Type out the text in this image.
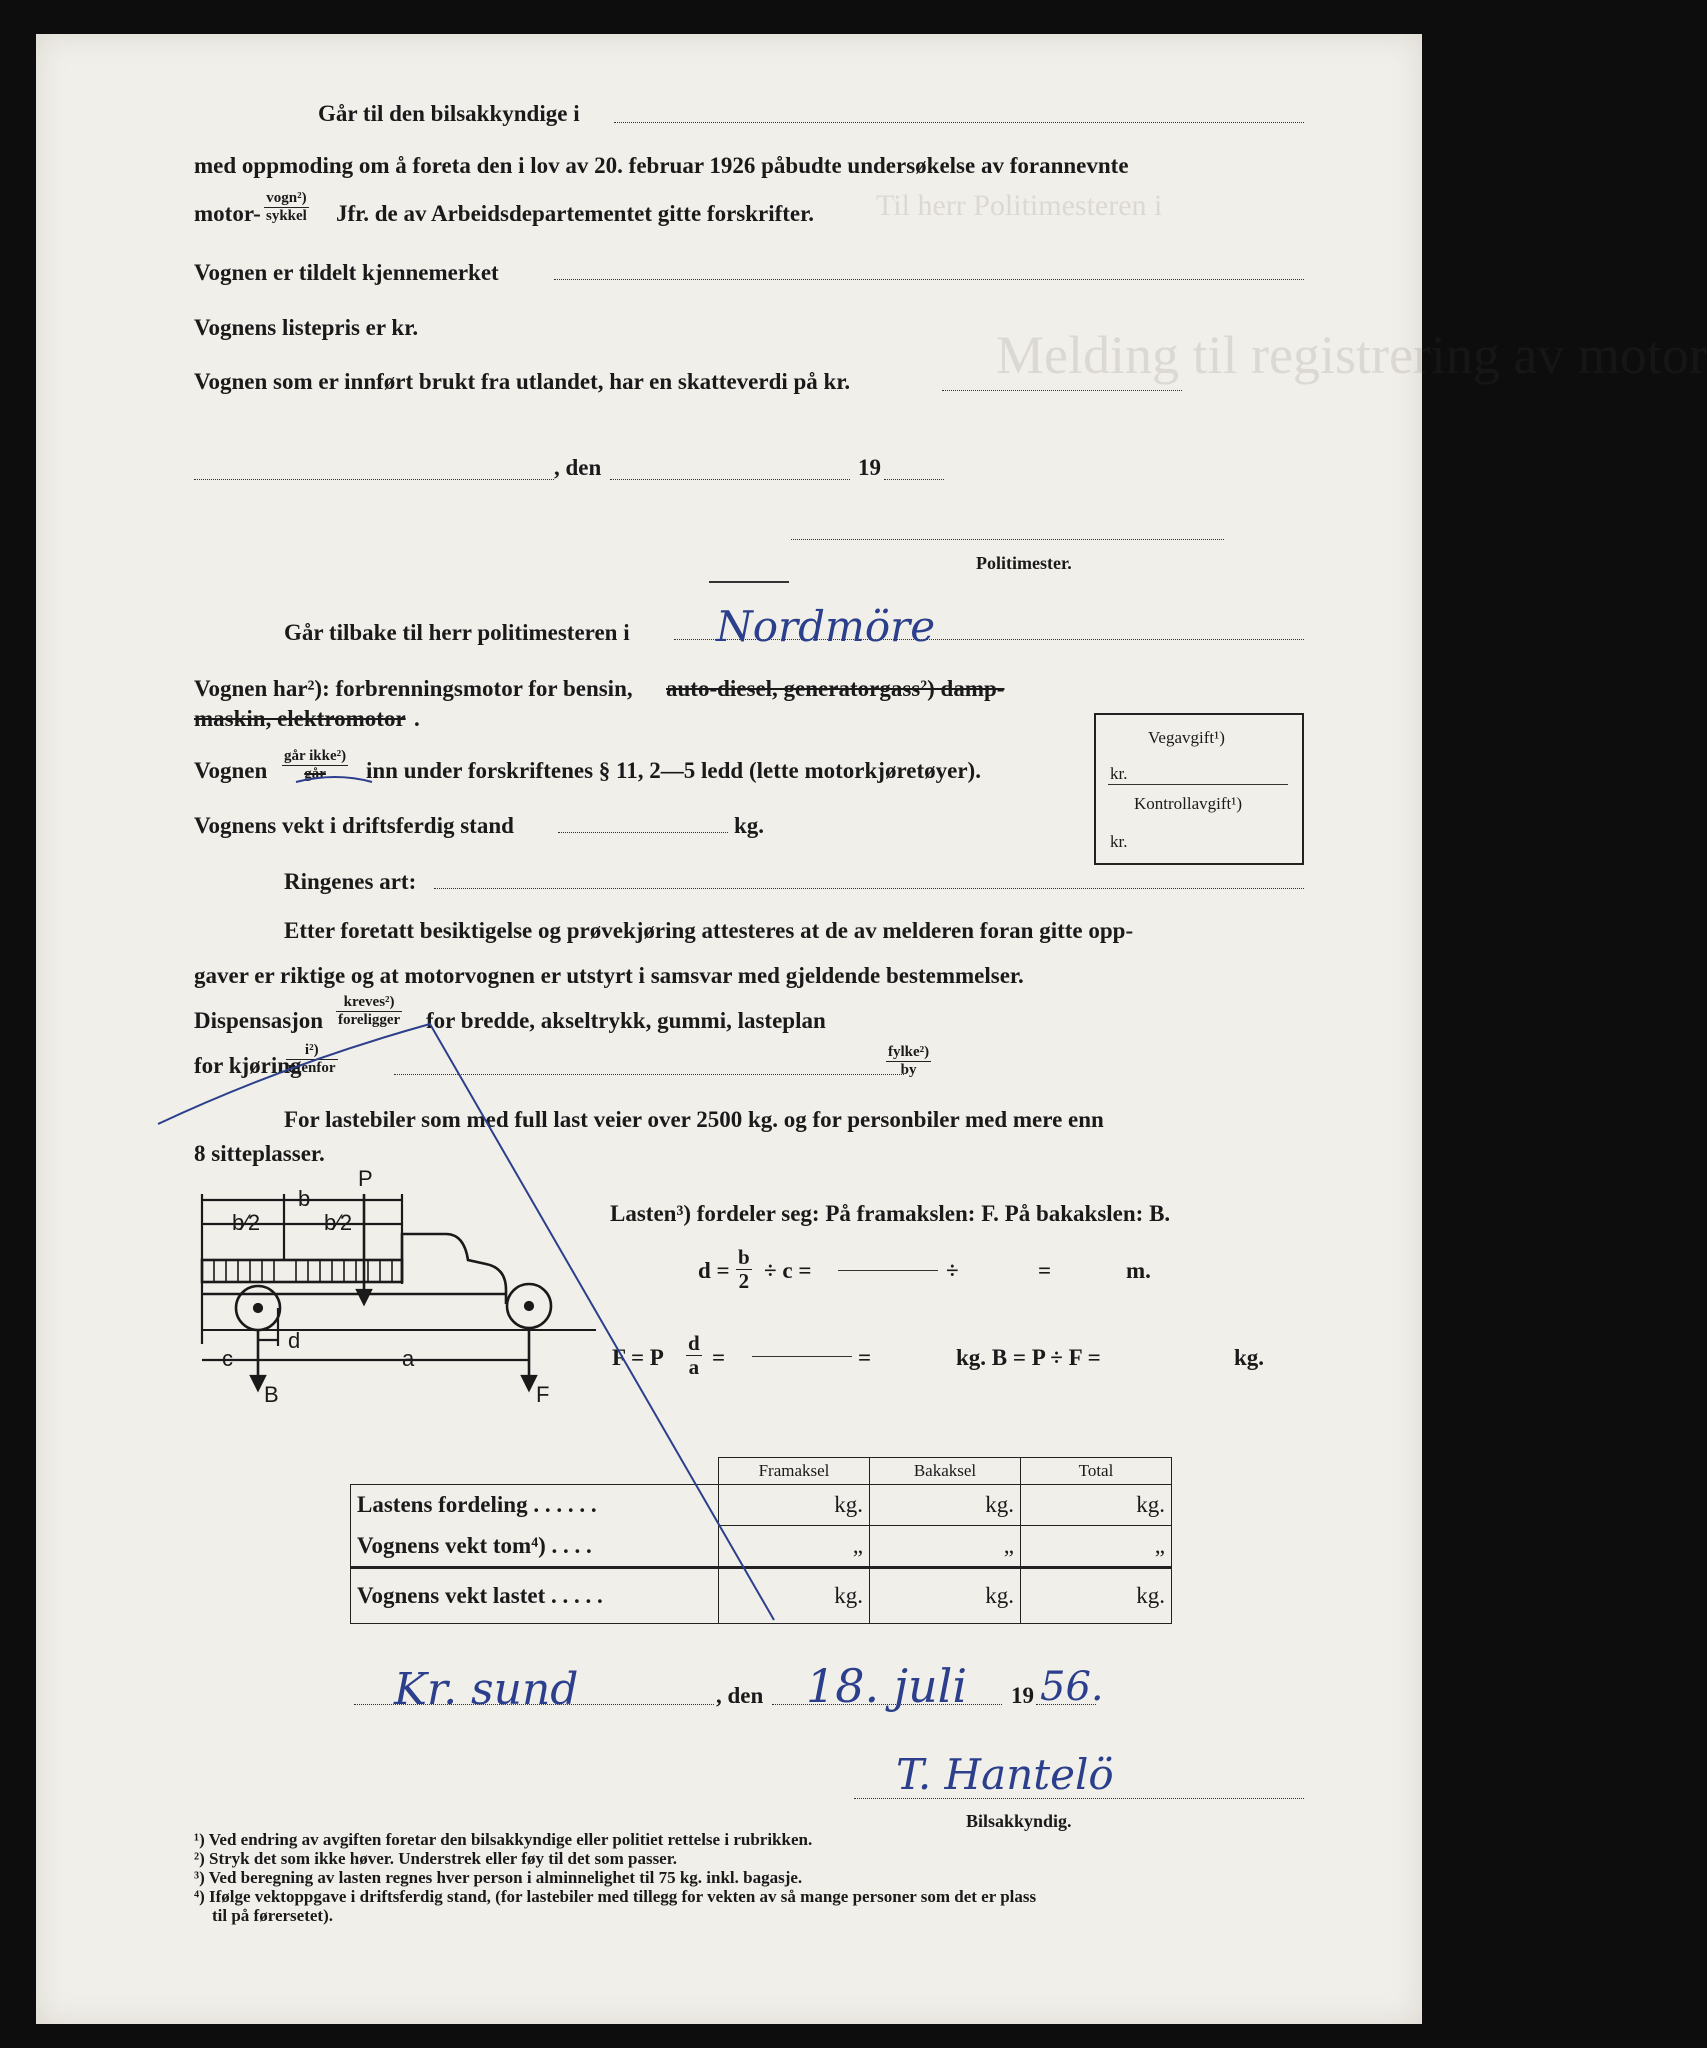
Til herr Politimesteren i
Melding til registrering av motor
Går til den bilsakkyndige i
med oppmoding om å foreta den i lov av 20. februar 1926 påbudte undersøkelse av forannevnte
motor-
vogn²)
sykkel Jfr. de av Arbeidsdepartementet gitte forskrifter.
Vognen er tildelt kjennemerket
Vognens listepris er kr.
Vognen som er innført brukt fra utlandet, har en skatteverdi på kr.
, den	19
Politimester.
Går tilbake til herr politimesteren i
Vognen har²): forbrenningsmotor for bensin, auto-diesel, generatorgass²) damp-
maskin, elektromotor .
Vognen
går ikke²)
går	inn under forskriftenes § 11, 2—5 ledd (lette motorkjøretøyer).
Vognens vekt i driftsferdig stand	kg.
Ringenes art:
Etter foretatt besiktigelse og prøvekjøring attesteres at de av melderen foran gitte opp-
gaver er riktige og at motorvognen er utstyrt i samsvar med gjeldende bestemmelser.
Dispensasjon
kreves²)
foreligger for bredde, akseltrykk, gummi, lasteplan
for kjøring
i²)
utenfor
fylke²)
by
For lastebiler som med full last veier over 2500 kg. og for personbiler med mere enn
8 sitteplasser.
Vegavgift¹)
kr.
Kontrollavgift¹)
kr.
P
b
b⁄2	b⁄2
d
c	a
B	F
Lasten³) fordeler seg: På framakslen: F. På bakakslen: B.
$d = \frac{b}{2} \div c$ =	÷	=	m.
F = P $\frac{d}{a}$ =	=	kg. B = P ÷ F =	kg.
	Framaksel	Bakaksel	Total
Lastens fordeling . . . . . .	kg.	kg.	kg.
Vognens vekt tom⁴) . . . .	„	„	„
Vognens vekt lastet . . . . .	kg.	kg.	kg.
, den	19
Bilsakkyndig.
Nordmöre
Kr. sund	18. juli 56.
T. Hantelö
¹) Ved endring av avgiften foretar den bilsakkyndige eller politiet rettelse i rubrikken.
²) Stryk det som ikke høver. Understrek eller føy til det som passer.
³) Ved beregning av lasten regnes hver person i alminnelighet til 75 kg. inkl. bagasje.
⁴) Ifølge vektoppgave i driftsferdig stand, (for lastebiler med tillegg for vekten av så mange personer som det er plass
til på førersetet).
